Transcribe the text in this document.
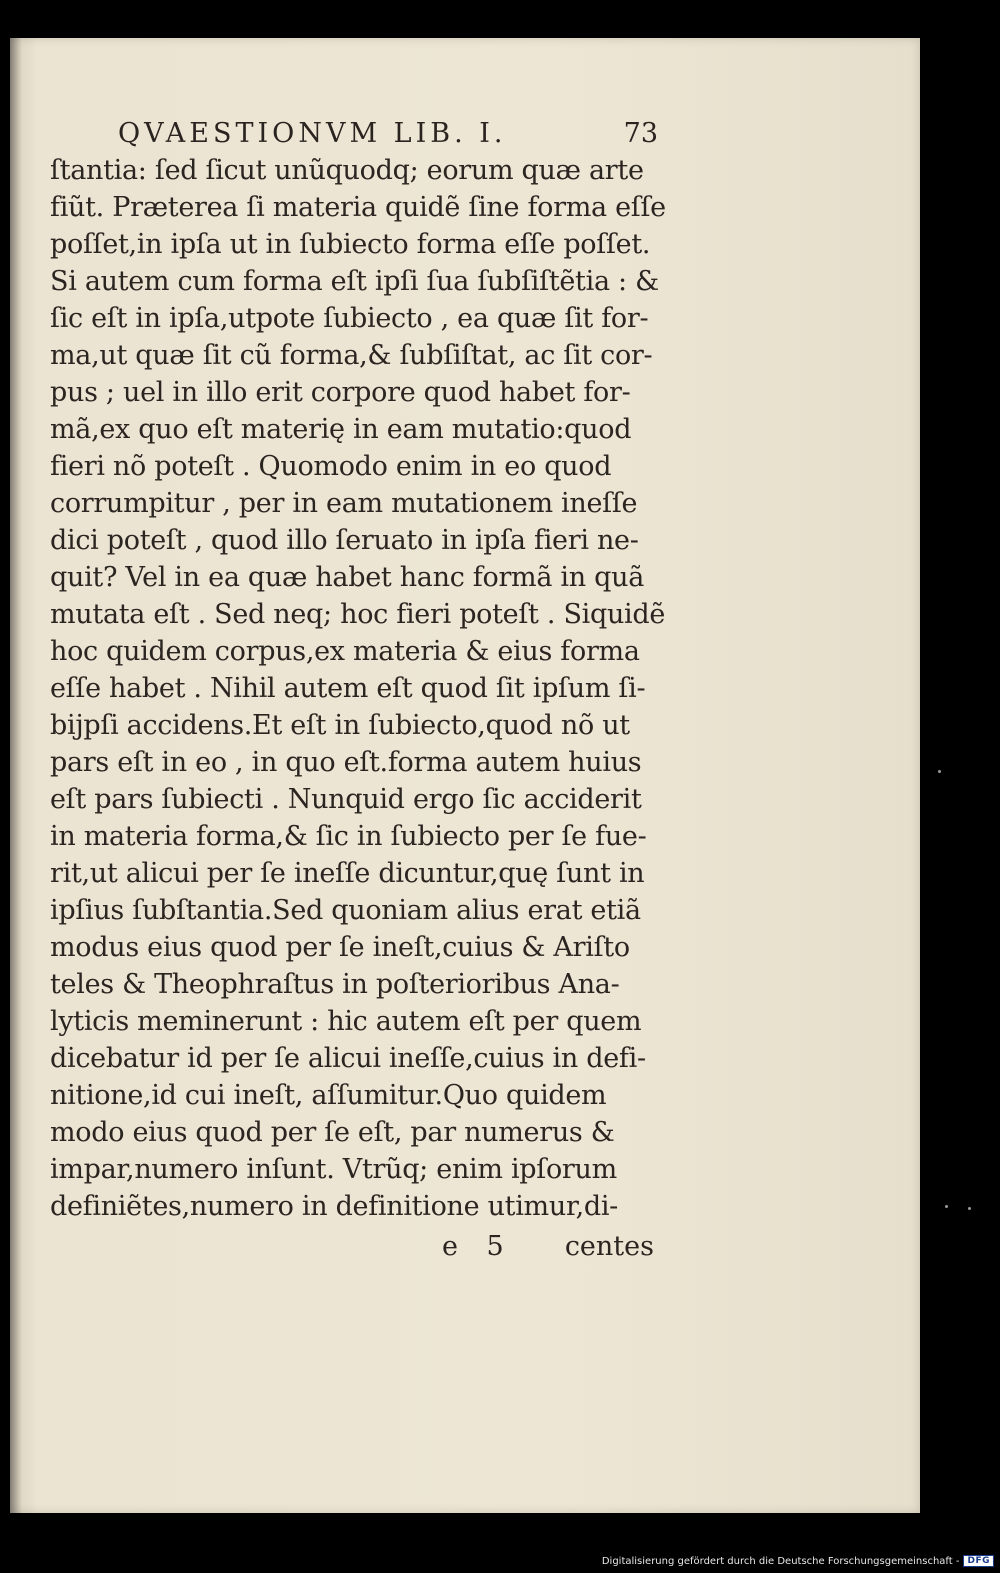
QVAESTIONVM LIB. I.	73
ſtantia: ſed ſicut unũquodq; eorum quæ arte
fiũt. Præterea ſi materia quidẽ ſine forma eſſe
poſſet,in ipſa ut in ſubiecto forma eſſe poſſet.
Si autem cum forma eſt ipſi ſua ſubſiſtẽtia : &
ſic eſt in ipſa,utpote ſubiecto , ea quæ ſit for-
ma,ut quæ ſit cũ forma,& ſubſiſtat, ac ſit cor-
pus ; uel in illo erit corpore quod habet for-
mã,ex quo eſt materię in eam mutatio:quod
fieri nõ poteſt . Quomodo enim in eo quod
corrumpitur , per in eam mutationem ineſſe
dici poteſt , quod illo ſeruato in ipſa fieri ne-
quit? Vel in ea quæ habet hanc formã in quã
mutata eſt . Sed neq; hoc fieri poteſt . Siquidẽ
hoc quidem corpus,ex materia & eius forma
eſſe habet . Nihil autem eſt quod ſit ipſum ſi-
bijpſi accidens.Et eſt in ſubiecto,quod nõ ut
pars eſt in eo , in quo eſt.forma autem huius
eſt pars ſubiecti . Nunquid ergo ſic acciderit
in materia forma,& ſic in ſubiecto per ſe fue-
rit,ut alicui per ſe ineſſe dicuntur,quę ſunt in
ipſius ſubſtantia.Sed quoniam alius erat etiã
modus eius quod per ſe ineſt,cuius & Ariſto
teles & Theophraſtus in poſterioribus Ana-
lyticis meminerunt : hic autem eſt per quem
dicebatur id per ſe alicui ineſſe,cuius in defi-
nitione,id cui ineſt, aſſumitur.Quo quidem
modo eius quod per ſe eſt, par numerus &
impar,numero inſunt. Vtrũq; enim ipſorum
definiẽtes,numero in definitione utimur,di-
e 5 centes
Digitalisierung gefördert durch die Deutsche Forschungsgemeinschaft - DFG
